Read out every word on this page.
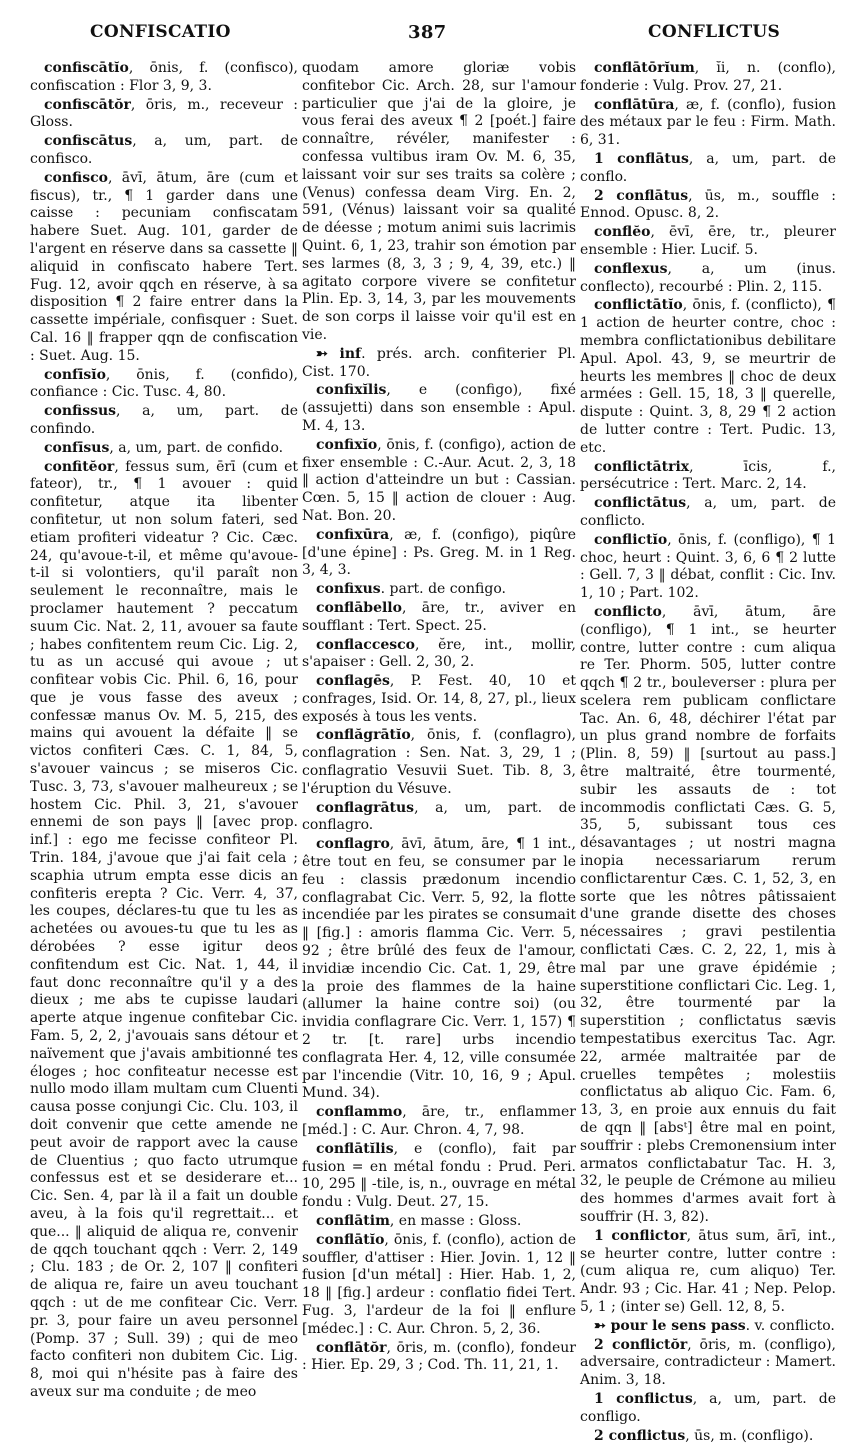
CONFISCATIO	387	CONFLICTUS

confiscātĭo, ōnis, f. (confisco), confiscation : Flor 3, 9, 3.

confiscātŏr, ōris, m., receveur : Gloss.

confiscātus, a, um, part. de confisco.

confisco, āvī, ātum, āre (cum et fiscus), tr., ¶ 1 garder dans une caisse : pecuniam confiscatam habere Suet. Aug. 101, garder de l'argent en réserve dans sa cassette ‖ aliquid in confiscato habere Tert. Fug. 12, avoir qqch en réserve, à sa disposition ¶ 2 faire entrer dans la cassette impériale, confisquer : Suet. Cal. 16 ‖ frapper qqn de confiscation : Suet. Aug. 15.

confīsĭo, ōnis, f. (confido), confiance : Cic. Tusc. 4, 80.

confissus, a, um, part. de confindo.

confīsus, a, um, part. de confido.

confitĕor, fessus sum, ērī (cum et fateor), tr., ¶ 1 avouer : quid confitetur, atque ita libenter confitetur, ut non solum fateri, sed etiam profiteri videatur ? Cic. Cæc. 24, qu'avoue-t-il, et même qu'avoue-t-il si volontiers, qu'il paraît non seulement le reconnaître, mais le proclamer hautement ? peccatum suum Cic. Nat. 2, 11, avouer sa faute ; habes confitentem reum Cic. Lig. 2, tu as un accusé qui avoue ; ut confitear vobis Cic. Phil. 6, 16, pour que je vous fasse des aveux ; confessæ manus Ov. M. 5, 215, des mains qui avouent la défaite ‖ se victos confiteri Cæs. C. 1, 84, 5, s'avouer vaincus ; se miseros Cic. Tusc. 3, 73, s'avouer malheureux ; se hostem Cic. Phil. 3, 21, s'avouer ennemi de son pays ‖ [avec prop. inf.] : ego me fecisse confiteor Pl. Trin. 184, j'avoue que j'ai fait cela ; scaphia utrum empta esse dicis an confiteris erepta ? Cic. Verr. 4, 37, les coupes, déclares-tu que tu les as achetées ou avoues-tu que tu les as dérobées ? esse igitur deos confitendum est Cic. Nat. 1, 44, il faut donc reconnaître qu'il y a des dieux ; me abs te cupisse laudari aperte atque ingenue confitebar Cic. Fam. 5, 2, 2, j'avouais sans détour et naïvement que j'avais ambitionné tes éloges ; hoc confiteatur necesse est nullo modo illam multam cum Cluenti causa posse conjungi Cic. Clu. 103, il doit convenir que cette amende ne peut avoir de rapport avec la cause de Cluentius ; quo facto utrumque confessus est et se desiderare et... Cic. Sen. 4, par là il a fait un double aveu, à la fois qu'il regrettait... et que... ‖ aliquid de aliqua re, convenir de qqch touchant qqch : Verr. 2, 149 ; Clu. 183 ; de Or. 2, 107 ‖ confiteri de aliqua re, faire un aveu touchant qqch : ut de me confitear Cic. Verr. pr. 3, pour faire un aveu personnel (Pomp. 37 ; Sull. 39) ; qui de meo facto confiteri non dubitem Cic. Lig. 8, moi qui n'hésite pas à faire des aveux sur ma conduite ; de meo

quodam amore gloriæ vobis confitebor Cic. Arch. 28, sur l'amour particulier que j'ai de la gloire, je vous ferai des aveux ¶ 2 [poét.] faire connaître, révéler, manifester : confessa vultibus iram Ov. M. 6, 35, laissant voir sur ses traits sa colère ; (Venus) confessa deam Virg. En. 2, 591, (Vénus) laissant voir sa qualité de déesse ; motum animi suis lacrimis Quint. 6, 1, 23, trahir son émotion par ses larmes (8, 3, 3 ; 9, 4, 39, etc.) ‖ agitato corpore vivere se confitetur Plin. Ep. 3, 14, 3, par les mouvements de son corps il laisse voir qu'il est en vie.

➳ inf. prés. arch. confiterier Pl. Cist. 170.

confixĭlis, e (configo), fixé (assujetti) dans son ensemble : Apul. M. 4, 13.

confixĭo, ōnis, f. (configo), action de fixer ensemble : C.-Aur. Acut. 2, 3, 18 ‖ action d'atteindre un but : Cassian. Cœn. 5, 15 ‖ action de clouer : Aug. Nat. Bon. 20.

confixūra, æ, f. (configo), piqûre [d'une épine] : Ps. Greg. M. in 1 Reg. 3, 4, 3.

confixus. part. de configo.

conflābello, āre, tr., aviver en soufflant : Tert. Spect. 25.

conflaccesco, ĕre, int., mollir, s'apaiser : Gell. 2, 30, 2.

conflagēs, P. Fest. 40, 10 et confrages, Isid. Or. 14, 8, 27, pl., lieux exposés à tous les vents.

conflăgrātĭo, ōnis, f. (conflagro), conflagration : Sen. Nat. 3, 29, 1 ; conflagratio Vesuvii Suet. Tib. 8, 3, l'éruption du Vésuve.

conflagrātus, a, um, part. de conflagro.

conflagro, āvī, ātum, āre, ¶ 1 int., être tout en feu, se consumer par le feu : classis prædonum incendio conflagrabat Cic. Verr. 5, 92, la flotte incendiée par les pirates se consumait ‖ [fig.] : amoris flamma Cic. Verr. 5, 92 ; être brûlé des feux de l'amour, invidiæ incendio Cic. Cat. 1, 29, être la proie des flammes de la haine (allumer la haine contre soi) (ou invidia conflagrare Cic. Verr. 1, 157) ¶ 2 tr. [t. rare] urbs incendio conflagrata Her. 4, 12, ville consumée par l'incendie (Vitr. 10, 16, 9 ; Apul. Mund. 34).

conflammo, āre, tr., enflammer [méd.] : C. Aur. Chron. 4, 7, 98.

conflātĭlis, e (conflo), fait par fusion = en métal fondu : Prud. Peri. 10, 295 ‖ -tile, is, n., ouvrage en métal fondu : Vulg. Deut. 27, 15.

conflātim, en masse : Gloss.

conflātĭo, ōnis, f. (conflo), action de souffler, d'attiser : Hier. Jovin. 1, 12 ‖ fusion [d'un métal] : Hier. Hab. 1, 2, 18 ‖ [fig.] ardeur : conflatio fidei Tert. Fug. 3, l'ardeur de la foi ‖ enflure [médec.] : C. Aur. Chron. 5, 2, 36.

conflātŏr, ōris, m. (conflo), fondeur : Hier. Ep. 29, 3 ; Cod. Th. 11, 21, 1.

conflātōrĭum, ĭi, n. (conflo), fonderie : Vulg. Prov. 27, 21.

conflātūra, æ, f. (conflo), fusion des métaux par le feu : Firm. Math. 6, 31.

1 conflātus, a, um, part. de conflo.

2 conflātus, ūs, m., souffle : Ennod. Opusc. 8, 2.

conflĕo, ēvī, ēre, tr., pleurer ensemble : Hier. Lucif. 5.

conflexus, a, um (inus. conflecto), recourbé : Plin. 2, 115.

conflictātĭo, ōnis, f. (conflicto), ¶ 1 action de heurter contre, choc : membra conflictationibus debilitare Apul. Apol. 43, 9, se meurtrir de heurts les membres ‖ choc de deux armées : Gell. 15, 18, 3 ‖ querelle, dispute : Quint. 3, 8, 29 ¶ 2 action de lutter contre : Tert. Pudic. 13, etc.

conflictātrix, īcis, f., persécutrice : Tert. Marc. 2, 14.

conflictātus, a, um, part. de conflicto.

conflictĭo, ōnis, f. (confligo), ¶ 1 choc, heurt : Quint. 3, 6, 6 ¶ 2 lutte : Gell. 7, 3 ‖ débat, conflit : Cic. Inv. 1, 10 ; Part. 102.

conflicto, āvī, ātum, āre (confligo), ¶ 1 int., se heurter contre, lutter contre : cum aliqua re Ter. Phorm. 505, lutter contre qqch ¶ 2 tr., bouleverser : plura per scelera rem publicam conflictare Tac. An. 6, 48, déchirer l'état par un plus grand nombre de forfaits (Plin. 8, 59) ‖ [surtout au pass.] être maltraité, être tourmenté, subir les assauts de : tot incommodis conflictati Cæs. G. 5, 35, 5, subissant tous ces désavantages ; ut nostri magna inopia necessariarum rerum conflictarentur Cæs. C. 1, 52, 3, en sorte que les nôtres pâtissaient d'une grande disette des choses nécessaires ; gravi pestilentia conflictati Cæs. C. 2, 22, 1, mis à mal par une grave épidémie ; superstitione conflictari Cic. Leg. 1, 32, être tourmenté par la superstition ; conflictatus sævis tempestatibus exercitus Tac. Agr. 22, armée maltraitée par de cruelles tempêtes ; molestiis conflictatus ab aliquo Cic. Fam. 6, 13, 3, en proie aux ennuis du fait de qqn ‖ [absᵗ] être mal en point, souffrir : plebs Cremonensium inter armatos conflictabatur Tac. H. 3, 32, le peuple de Crémone au milieu des hommes d'armes avait fort à souffrir (H. 3, 82).

1 conflictor, ātus sum, ārī, int., se heurter contre, lutter contre : (cum aliqua re, cum aliquo) Ter. Andr. 93 ; Cic. Har. 41 ; Nep. Pelop. 5, 1 ; (inter se) Gell. 12, 8, 5.

➳ pour le sens pass. v. conflicto.

2 conflictŏr, ōris, m. (confligo), adversaire, contradicteur : Mamert. Anim. 3, 18.

1 conflictus, a, um, part. de confligo.

2 conflictus, ūs, m. (confligo).
